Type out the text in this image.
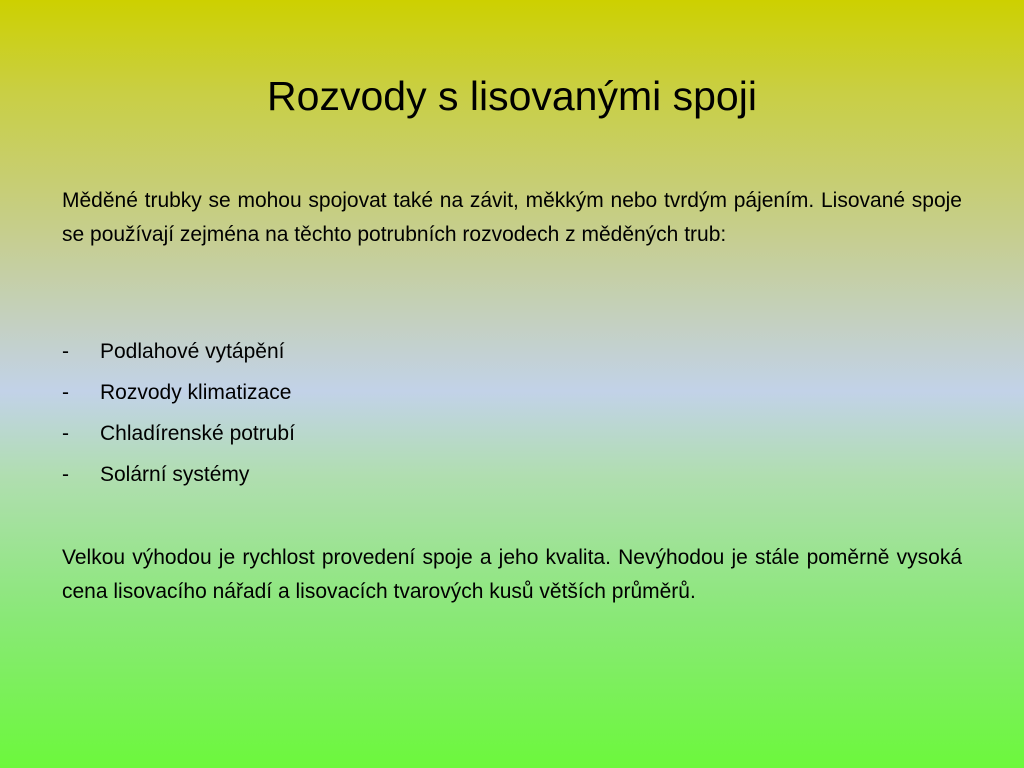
Rozvody s lisovanými spoji

Měděné trubky se mohou spojovat také na závit, měkkým nebo tvrdým pájením. Lisované spoje se používají zejména na těchto potrubních rozvodech z měděných trub:

-	Podlahové vytápění
-	Rozvody klimatizace
-	Chladírenské potrubí
-	Solární systémy

Velkou výhodou je rychlost provedení spoje a jeho kvalita. Nevýhodou je stále poměrně vysoká cena lisovacího nářadí a lisovacích tvarových kusů větších průměrů.
